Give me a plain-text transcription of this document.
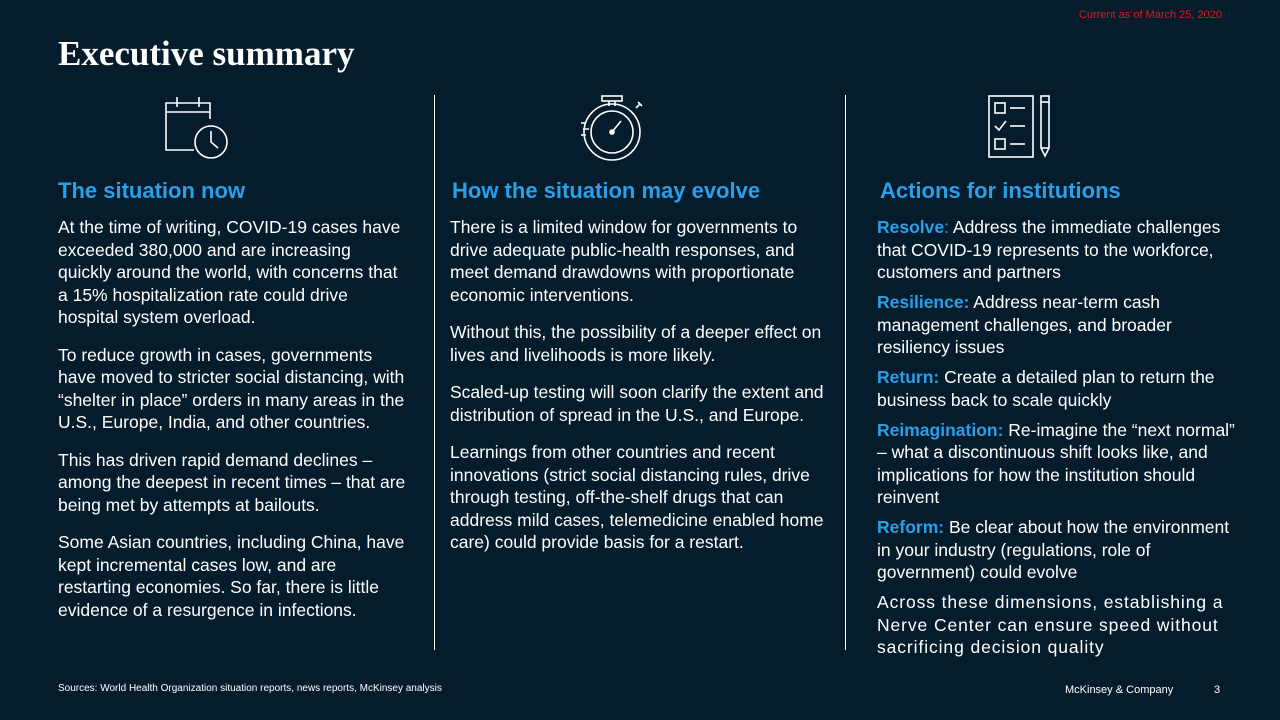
Current as of March 25, 2020
Executive summary
The situation now

At the time of writing, COVID-19 cases have exceeded 380,000 and are increasing quickly around the world, with concerns that a 15% hospitalization rate could drive hospital system overload.

To reduce growth in cases, governments have moved to stricter social distancing, with “shelter in place” orders in many areas in the U.S., Europe, India, and other countries.

This has driven rapid demand declines – among the deepest in recent times – that are being met by attempts at bailouts.

Some Asian countries, including China, have kept incremental cases low, and are restarting economies. So far, there is little evidence of a resurgence in infections.

How the situation may evolve

There is a limited window for governments to drive adequate public-health responses, and meet demand drawdowns with proportionate economic interventions.

Without this, the possibility of a deeper effect on lives and livelihoods is more likely.

Scaled-up testing will soon clarify the extent and distribution of spread in the U.S., and Europe.

Learnings from other countries and recent innovations (strict social distancing rules, drive through testing, off-the-shelf drugs that can address mild cases, telemedicine enabled home care) could provide basis for a restart.

Actions for institutions

Resolve: Address the immediate challenges that COVID-19 represents to the workforce, customers and partners

Resilience: Address near-term cash management challenges, and broader resiliency issues

Return: Create a detailed plan to return the business back to scale quickly

Reimagination: Re-imagine the “next normal” – what a discontinuous shift looks like, and implications for how the institution should reinvent

Reform: Be clear about how the environment in your industry (regulations, role of government) could evolve

Across these dimensions, establishing a Nerve Center can ensure speed without sacrificing decision quality

Sources: World Health Organization situation reports, news reports, McKinsey analysis	McKinsey & Company	3
